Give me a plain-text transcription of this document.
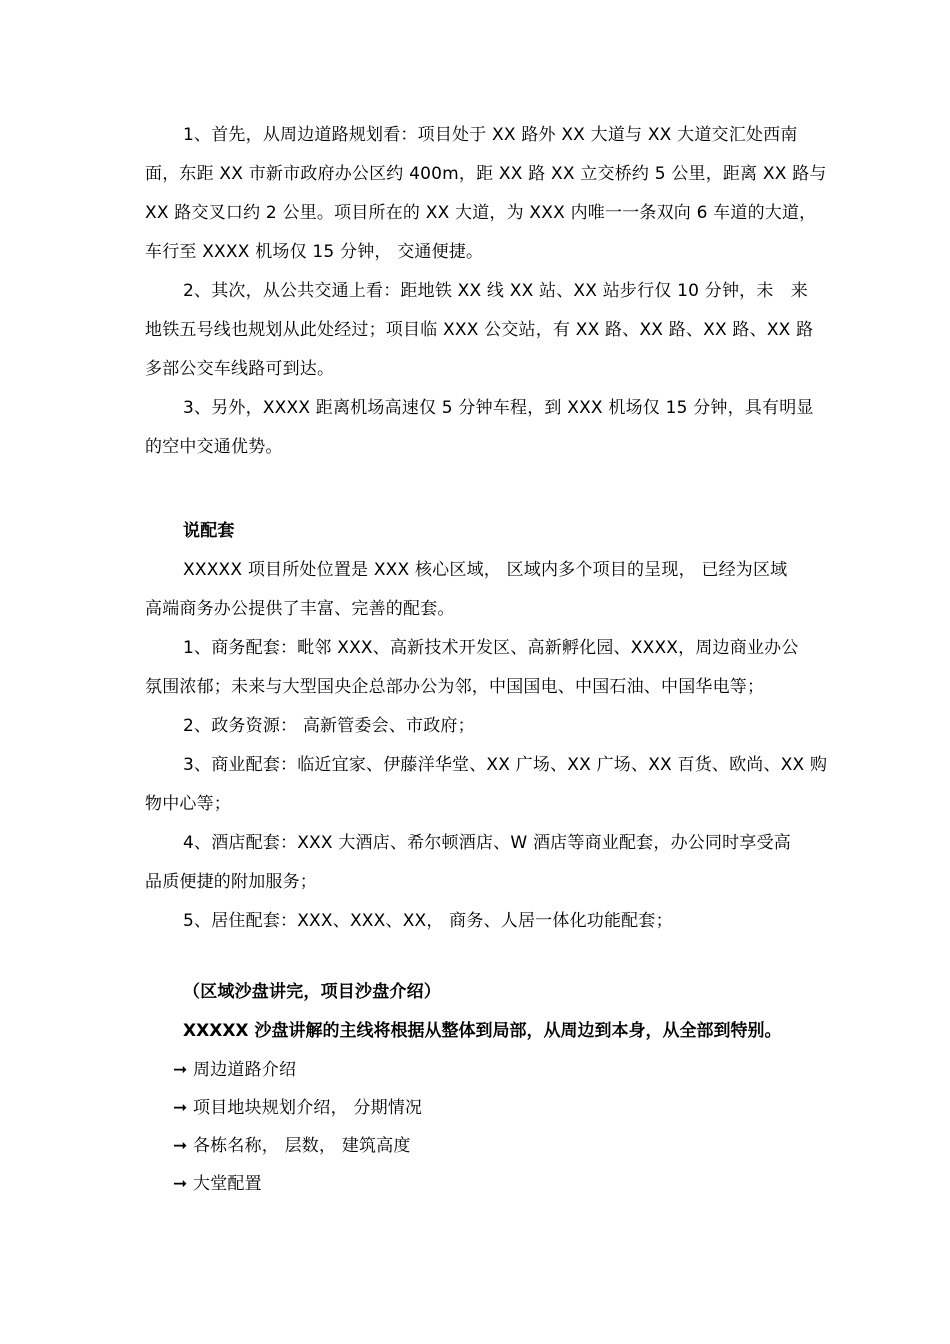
1、首先，从周边道路规划看：项目处于 XX 路外 XX 大道与 XX 大道交汇处西南
面，东距 XX 市新市政府办公区约 400m，距 XX 路 XX 立交桥约 5 公里，距离 XX 路与
XX 路交叉口约 2 公里。项目所在的 XX 大道，为 XXX 内唯一一条双向 6 车道的大道，
车行至 XXXX 机场仅 15 分钟， 交通便捷。
2、其次，从公共交通上看：距地铁 XX 线 XX 站、XX 站步行仅 10 分钟，未　来
地铁五号线也规划从此处经过；项目临 XXX 公交站，有 XX 路、XX 路、XX 路、XX 路
多部公交车线路可到达。
3、另外，XXXX 距离机场高速仅 5 分钟车程，到 XXX 机场仅 15 分钟，具有明显
的空中交通优势。
说配套
XXXXX 项目所处位置是 XXX 核心区域， 区域内多个项目的呈现， 已经为区域
高端商务办公提供了丰富、完善的配套。
1、商务配套：毗邻 XXX、高新技术开发区、高新孵化园、XXXX，周边商业办公
氛围浓郁；未来与大型国央企总部办公为邻，中国国电、中国石油、中国华电等；
2、政务资源： 高新管委会、市政府；
3、商业配套：临近宜家、伊藤洋华堂、XX 广场、XX 广场、XX 百货、欧尚、XX 购
物中心等；
4、酒店配套：XXX 大酒店、希尔顿酒店、W 酒店等商业配套，办公同时享受高
品质便捷的附加服务；
5、居住配套：XXX、XXX、XX， 商务、人居一体化功能配套；
（区域沙盘讲完，项目沙盘介绍）
XXXXX 沙盘讲解的主线将根据从整体到局部，从周边到本身，从全部到特别。
➞ 周边道路介绍
➞ 项目地块规划介绍， 分期情况
➞ 各栋名称， 层数， 建筑高度
➞ 大堂配置
